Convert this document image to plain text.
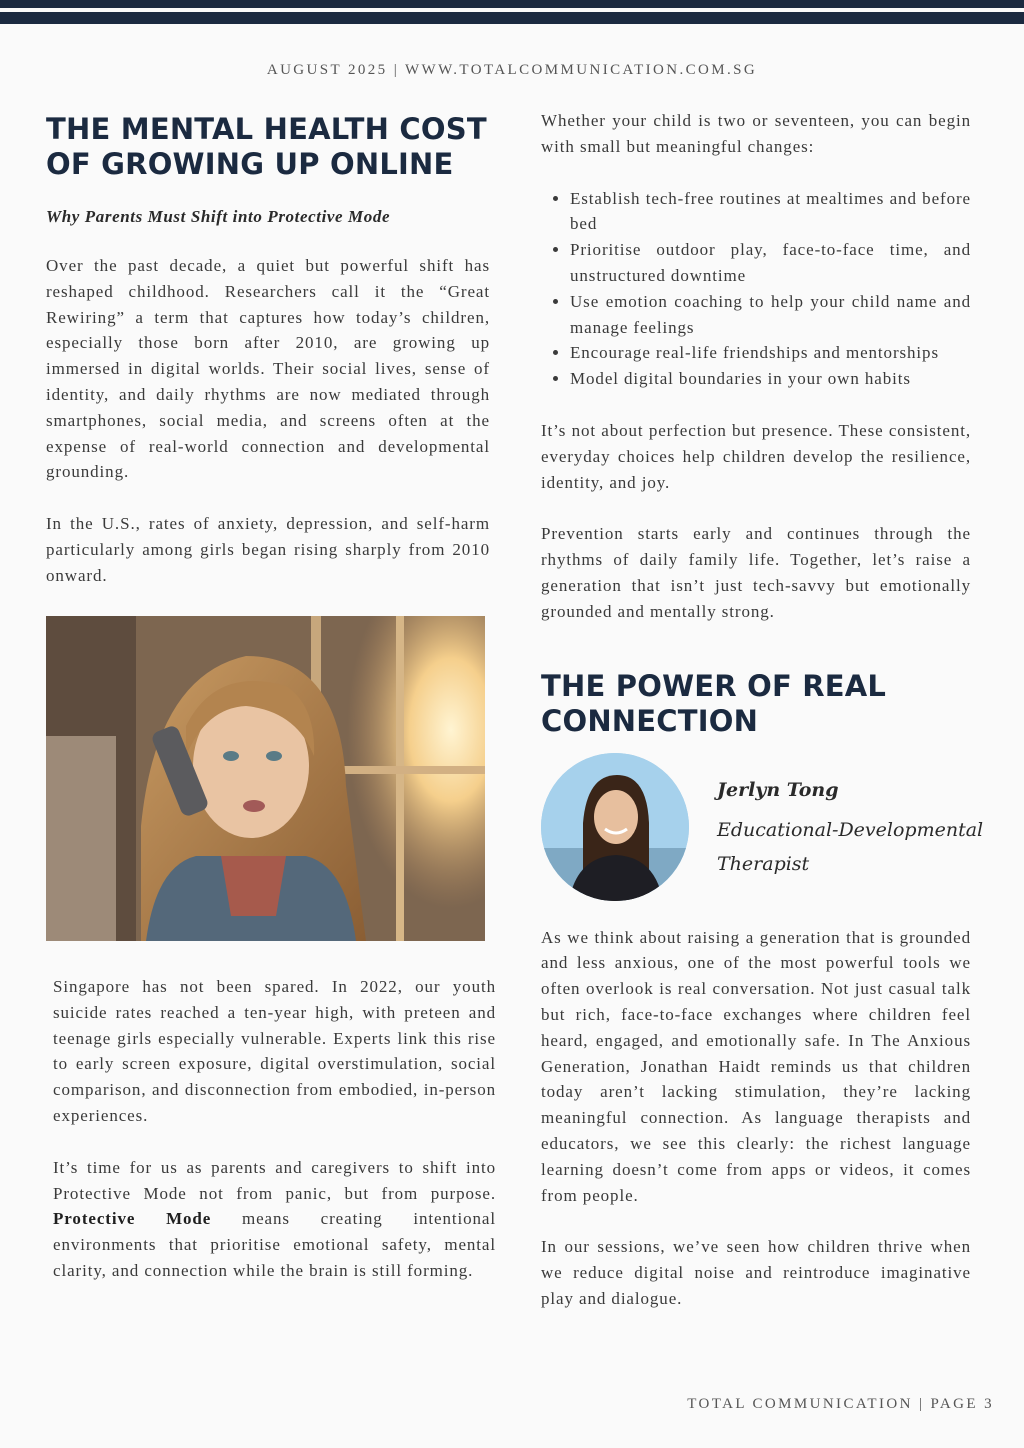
AUGUST 2025 | WWW.TOTALCOMMUNICATION.COM.SG
THE MENTAL HEALTH COST OF GROWING UP ONLINE
Why Parents Must Shift into Protective Mode

Over the past decade, a quiet but powerful shift has reshaped childhood. Researchers call it the “Great Rewiring” a term that captures how today’s children, especially those born after 2010, are growing up immersed in digital worlds. Their social lives, sense of identity, and daily rhythms are now mediated through smartphones, social media, and screens often at the expense of real-world connection and developmental grounding.

In the U.S., rates of anxiety, depression, and self-harm particularly among girls began rising sharply from 2010 onward.

Singapore has not been spared. In 2022, our youth suicide rates reached a ten-year high, with preteen and teenage girls especially vulnerable. Experts link this rise to early screen exposure, digital overstimulation, social comparison, and disconnection from embodied, in-person experiences.

It’s time for us as parents and caregivers to shift into Protective Mode not from panic, but from purpose. Protective Mode means creating intentional environments that prioritise emotional safety, mental clarity, and connection while the brain is still forming.

Whether your child is two or seventeen, you can begin with small but meaningful changes:

• Establish tech-free routines at mealtimes and before bed
• Prioritise outdoor play, face-to-face time, and unstructured downtime
• Use emotion coaching to help your child name and manage feelings
• Encourage real-life friendships and mentorships
• Model digital boundaries in your own habits

It’s not about perfection but presence. These consistent, everyday choices help children develop the resilience, identity, and joy.

Prevention starts early and continues through the rhythms of daily family life. Together, let’s raise a generation that isn’t just tech-savvy but emotionally grounded and mentally strong.

THE POWER OF REAL CONNECTION
Jerlyn Tong
Educational-Developmental Therapist

As we think about raising a generation that is grounded and less anxious, one of the most powerful tools we often overlook is real conversation. Not just casual talk but rich, face-to-face exchanges where children feel heard, engaged, and emotionally safe. In The Anxious Generation, Jonathan Haidt reminds us that children today aren’t lacking stimulation, they’re lacking meaningful connection. As language therapists and educators, we see this clearly: the richest language learning doesn’t come from apps or videos, it comes from people.

In our sessions, we’ve seen how children thrive when we reduce digital noise and reintroduce imaginative play and dialogue.

TOTAL COMMUNICATION | PAGE 3
